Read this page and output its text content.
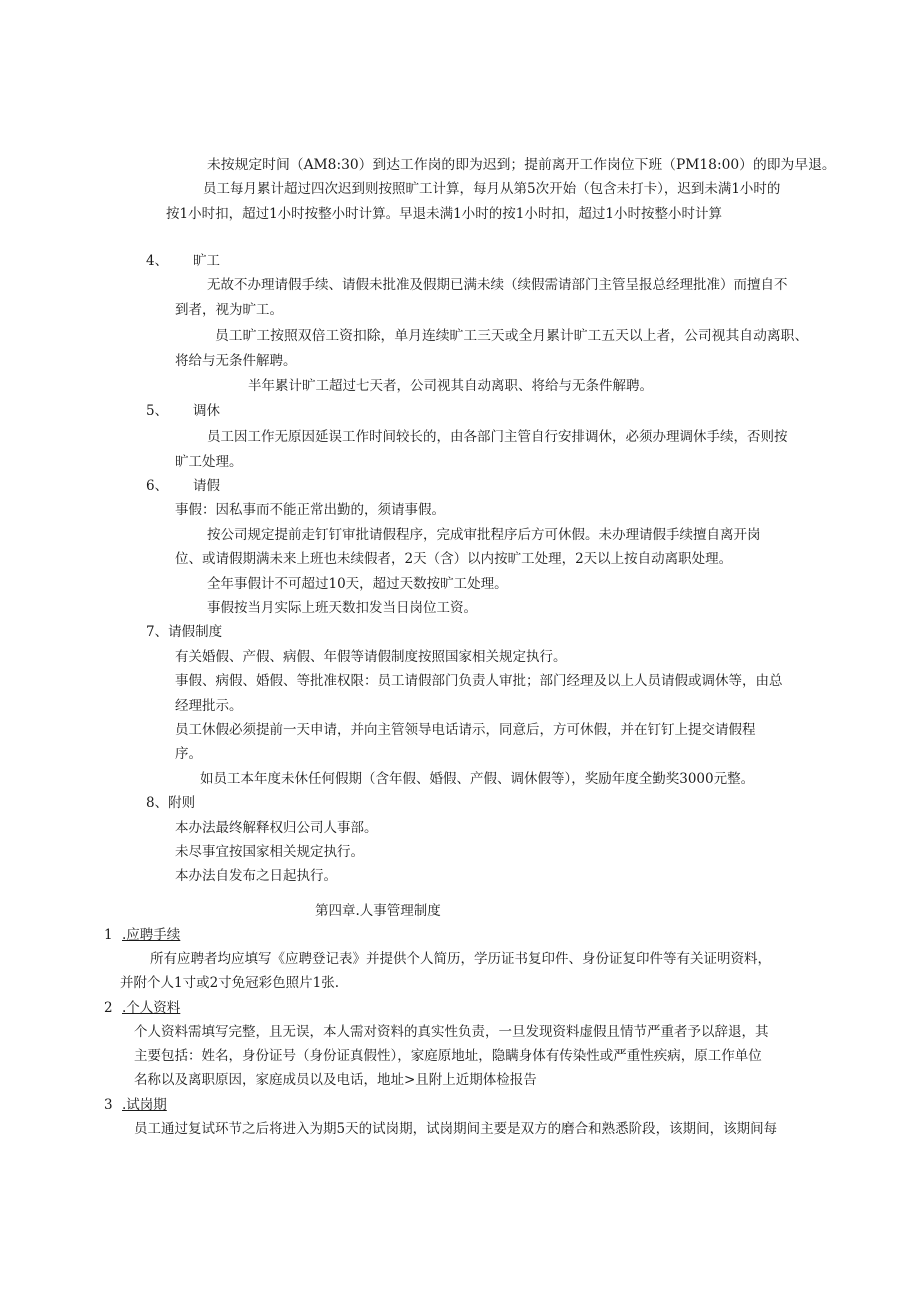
未按规定时间（AM8:30）到达工作岗的即为迟到；提前离开工作岗位下班（PM18:00）的即为早退。
员工每月累计超过四次迟到则按照旷工计算，每月从第5次开始（包含未打卡），迟到未满1小时的
按1小时扣，超过1小时按整小时计算。早退未满1小时的按1小时扣，超过1小时按整小时计算
4、 旷工
无故不办理请假手续、请假未批准及假期已满未续（续假需请部门主管呈报总经理批准）而擅自不
到者，视为旷工。
员工旷工按照双倍工资扣除，单月连续旷工三天或全月累计旷工五天以上者，公司视其自动离职、
将给与无条件解聘。
半年累计旷工超过七天者，公司视其自动离职、将给与无条件解聘。
5、 调休
员工因工作无原因延误工作时间较长的，由各部门主管自行安排调休，必须办理调休手续，否则按
旷工处理。
6、 请假
事假：因私事而不能正常出勤的，须请事假。
按公司规定提前走钉钉审批请假程序，完成审批程序后方可休假。未办理请假手续擅自离开岗
位、或请假期满未来上班也未续假者，2天（含）以内按旷工处理，2天以上按自动离职处理。
全年事假计不可超过10天，超过天数按旷工处理。
事假按当月实际上班天数扣发当日岗位工资。
7、请假制度
有关婚假、产假、病假、年假等请假制度按照国家相关规定执行。
事假、病假、婚假、等批准权限：员工请假部门负责人审批；部门经理及以上人员请假或调休等，由总
经理批示。
员工休假必须提前一天申请，并向主管领导电话请示，同意后，方可休假，并在钉钉上提交请假程
序。
如员工本年度未休任何假期（含年假、婚假、产假、调休假等），奖励年度全勤奖3000元整。
8、附则
本办法最终解释权归公司人事部。
未尽事宜按国家相关规定执行。
本办法自发布之日起执行。
第四章.人事管理制度
1 .应聘手续
所有应聘者均应填写《应聘登记表》并提供个人简历，学历证书复印件、身份证复印件等有关证明资料，
并附个人1寸或2寸免冠彩色照片1张.
2 .个人资料
个人资料需填写完整，且无误，本人需对资料的真实性负责，一旦发现资料虚假且情节严重者予以辞退，其
主要包括：姓名，身份证号（身份证真假性），家庭原地址，隐瞒身体有传染性或严重性疾病，原工作单位
名称以及离职原因，家庭成员以及电话，地址>且附上近期体检报告
3 .试岗期
员工通过复试环节之后将进入为期5天的试岗期，试岗期间主要是双方的磨合和熟悉阶段，该期间，该期间每
